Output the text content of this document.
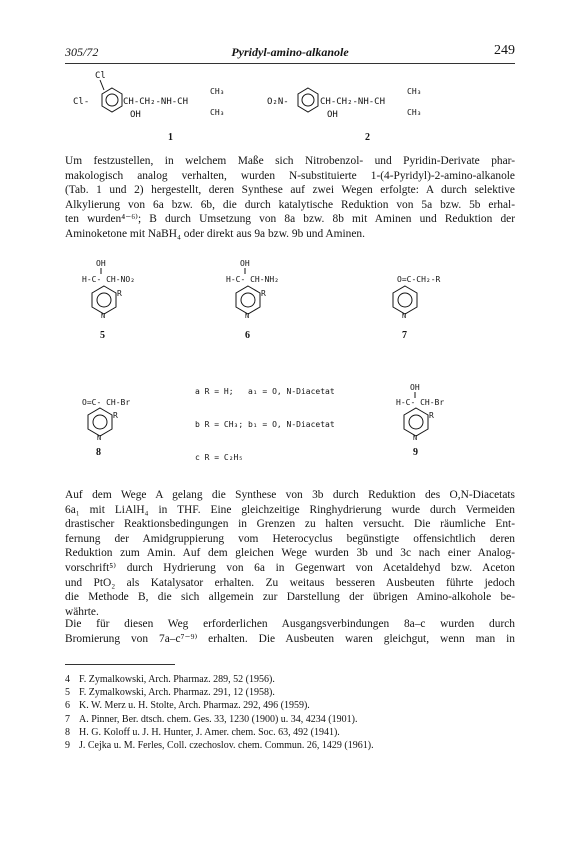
305/72	Pyridyl-amino-alkanole	249
Cl
Cl-	CH-CH₂-NH-CH
OH
CH₃
CH₃
1
O₂N-	CH-CH₂-NH-CH
OH
CH₃
CH₃
2
OH
H-C- CH-NO₂
R
N
5
OH
H-C- CH-NH₂
R
N
6
O=C-CH₂-R
N
7
O=C- CH-Br
R
N
8
OH
H-C- CH-Br
R
N
9

a R = H;   a₁ = O, N-Diacetat

b R = CH₃; b₁ = O, N-Diacetat

c R = C₂H₅

Um festzustellen, in welchem Maße sich Nitrobenzol- und Pyridin-Derivate phar-
makologisch analog verhalten, wurden N-substituierte 1-(4-Pyridyl)-2-amino-alkanole
(Tab. 1 und 2) hergestellt, deren Synthese auf zwei Wegen erfolgte: A durch selektive
Alkylierung von 6a bzw. 6b, die durch katalytische Reduktion von 5a bzw. 5b erhal-
ten wurden⁴⁻⁶⁾; B durch Umsetzung von 8a bzw. 8b mit Aminen und Reduktion der
Aminoketone mit NaBH₄ oder direkt aus 9a bzw. 9b und Aminen.
Auf dem Wege A gelang die Synthese von 3b durch Reduktion des O,N-Diacetats
6a₁ mit LiAlH₄ in THF. Eine gleichzeitige Ringhydrierung wurde durch Vermeiden
drastischer Reaktionsbedingungen in Grenzen zu halten versucht. Die räumliche Ent-
fernung der Amidgruppierung vom Heterocyclus begünstigte offensichtlich deren
Reduktion zum Amin. Auf dem gleichen Wege wurden 3b und 3c nach einer Analog-
vorschrift⁵⁾ durch Hydrierung von 6a in Gegenwart von Acetaldehyd bzw. Aceton
und PtO₂ als Katalysator erhalten. Zu weitaus besseren Ausbeuten führte jedoch
die Methode B, die sich allgemein zur Darstellung der übrigen Amino-alkohole be-
währte.
Die für diesen Weg erforderlichen Ausgangsverbindungen 8a–c wurden durch
Bromierung von 7a–c⁷⁻⁹⁾ erhalten. Die Ausbeuten waren gleichgut, wenn man in
4 F. Zymalkowski, Arch. Pharmaz. 289, 52 (1956).
5 F. Zymalkowski, Arch. Pharmaz. 291, 12 (1958).
6 K. W. Merz u. H. Stolte, Arch. Pharmaz. 292, 496 (1959).
7 A. Pinner, Ber. dtsch. chem. Ges. 33, 1230 (1900) u. 34, 4234 (1901).
8 H. G. Koloff u. J. H. Hunter, J. Amer. chem. Soc. 63, 492 (1941).
9 J. Cejka u. M. Ferles, Coll. czechoslov. chem. Commun. 26, 1429 (1961).
